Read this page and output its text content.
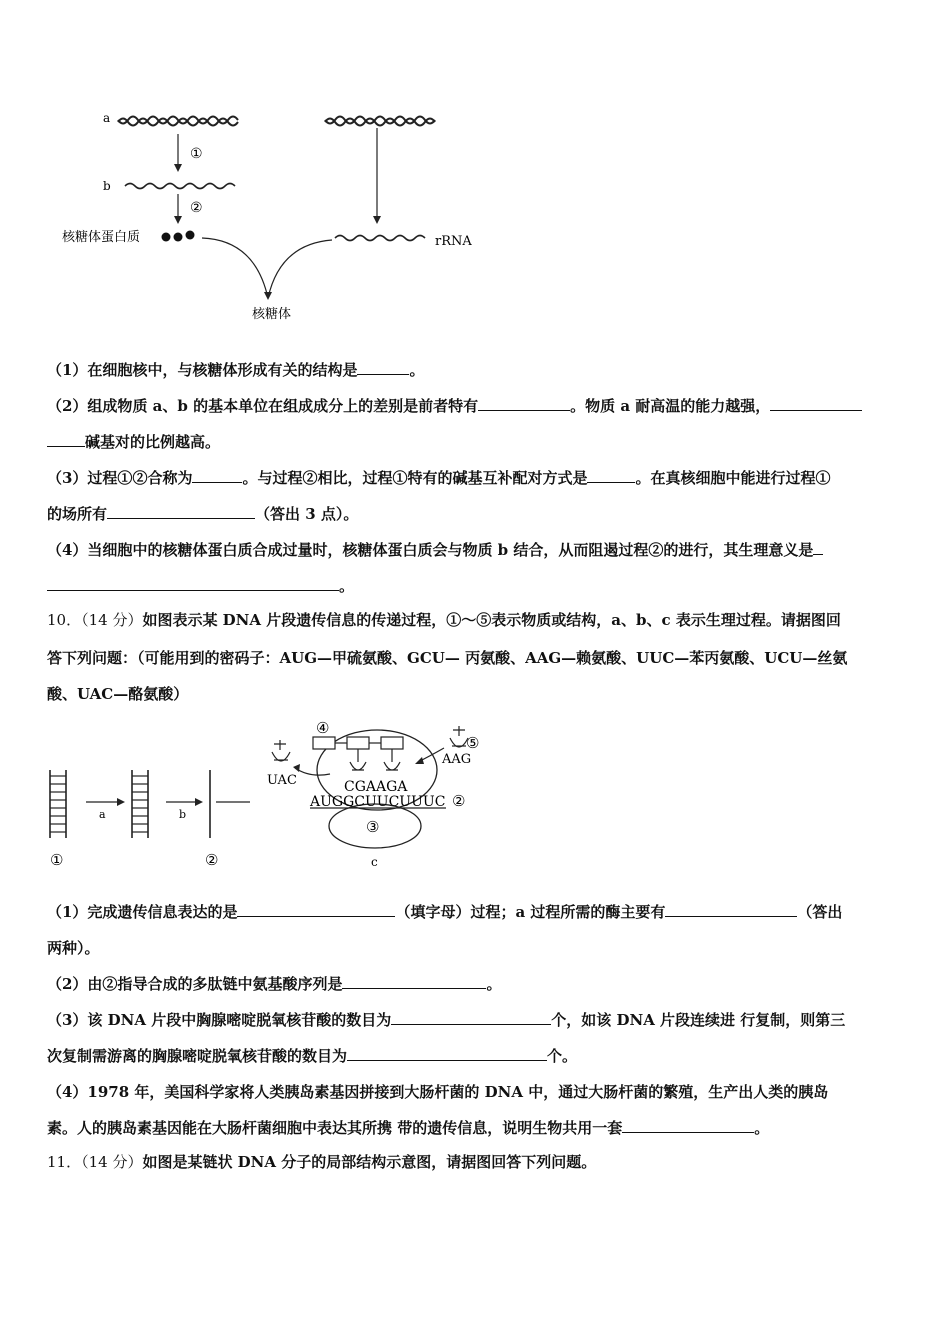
a
①
b
②
核糖体蛋白质	rRNA
核糖体
（1）在细胞核中，与核糖体形成有关的结构是	。
（2）组成物质 a、b 的基本单位在组成成分上的差别是前者特有	。物质 a 耐高温的能力越强，
碱基对的比例越高。
（3）过程①②合称为	。与过程②相比，过程①特有的碱基互补配对方式是	。在真核细胞中能进行过程①
的场所有	（答出 3 点）。
（4）当细胞中的核糖体蛋白质合成过量时，核糖体蛋白质会与物质 b 结合，从而阻遏过程②的进行，其生理意义是
。
10．（14 分）如图表示某 DNA 片段遗传信息的传递过程，①～⑤表示物质或结构，a、b、c 表示生理过程。请据图回
答下列问题：（可能用到的密码子：AUG—甲硫氨酸、GCU— 丙氨酸、AAG—赖氨酸、UUC—苯丙氨酸、UCU—丝氨
酸、UAC—酪氨酸）
①
a	b
②
③
c
④
CGAAGA
AUGGCUUCUUUC ②
UAC
⑤
AAG
（1）完成遗传信息表达的是	（填字母）过程；a 过程所需的酶主要有	（答出
两种）。
（2）由②指导合成的多肽链中氨基酸序列是	。
（3）该 DNA 片段中胸腺嘧啶脱氧核苷酸的数目为	个，如该 DNA 片段连续进 行复制，则第三
次复制需游离的胸腺嘧啶脱氧核苷酸的数目为	个。
（4）1978 年，美国科学家将人类胰岛素基因拼接到大肠杆菌的 DNA 中，通过大肠杆菌的繁殖，生产出人类的胰岛
素。人的胰岛素基因能在大肠杆菌细胞中表达其所携 带的遗传信息，说明生物共用一套	。
11．（14 分）如图是某链状 DNA 分子的局部结构示意图，请据图回答下列问题。
